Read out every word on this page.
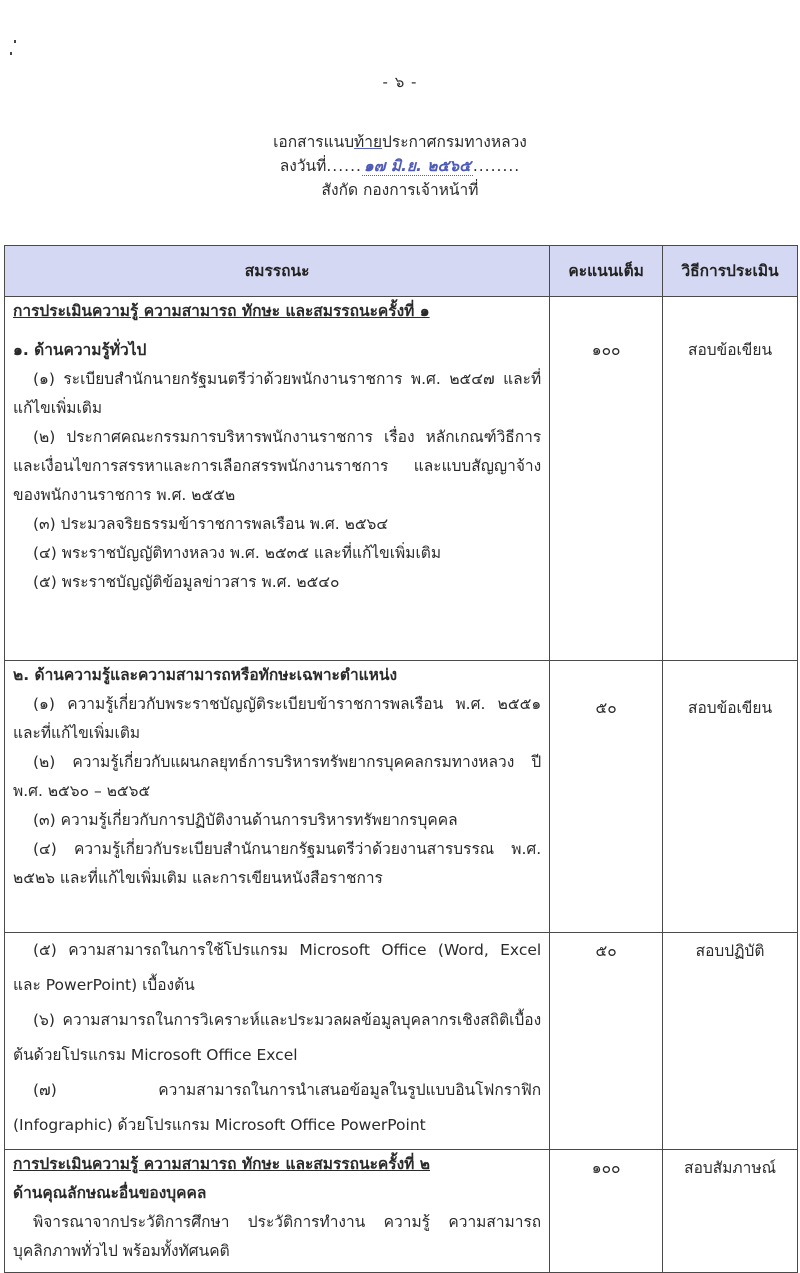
- ๖ -
เอกสารแนบท้ายประกาศกรมทางหลวง
ลงวันที่...... ๑๗ มิ.ย. ๒๕๖๕ ........
สังกัด กองการเจ้าหน้าที่
สมรรถนะ	คะแนนเต็ม	วิธีการประเมิน

การประเมินความรู้ ความสามารถ ทักษะ และสมรรถนะครั้งที่ ๑
๑. ด้านความรู้ทั่วไป
(๑) ระเบียบสำนักนายกรัฐมนตรีว่าด้วยพนักงานราชการ พ.ศ. ๒๕๔๗ และที่แก้ไขเพิ่มเติม
(๒) ประกาศคณะกรรมการบริหารพนักงานราชการ เรื่อง หลักเกณฑ์วิธีการและเงื่อนไขการสรรหาและการเลือกสรรพนักงานราชการ และแบบสัญญาจ้างของพนักงานราชการ พ.ศ. ๒๕๕๒
(๓) ประมวลจริยธรรมข้าราชการพลเรือน พ.ศ. ๒๕๖๔
(๔) พระราชบัญญัติทางหลวง พ.ศ. ๒๕๓๕ และที่แก้ไขเพิ่มเติม
(๕) พระราชบัญญัติข้อมูลข่าวสาร พ.ศ. ๒๕๔๐
	๑๐๐	สอบข้อเขียน

๒. ด้านความรู้และความสามารถหรือทักษะเฉพาะตำแหน่ง
(๑) ความรู้เกี่ยวกับพระราชบัญญัติระเบียบข้าราชการพลเรือน พ.ศ. ๒๕๕๑ และที่แก้ไขเพิ่มเติม
(๒) ความรู้เกี่ยวกับแผนกลยุทธ์การบริหารทรัพยากรบุคคลกรมทางหลวง ปี พ.ศ. ๒๕๖๐ – ๒๕๖๕
(๓) ความรู้เกี่ยวกับการปฏิบัติงานด้านการบริหารทรัพยากรบุคคล
(๔) ความรู้เกี่ยวกับระเบียบสำนักนายกรัฐมนตรีว่าด้วยงานสารบรรณ พ.ศ. ๒๕๒๖ และที่แก้ไขเพิ่มเติม และการเขียนหนังสือราชการ	๕๐	สอบข้อเขียน

(๕) ความสามารถในการใช้โปรแกรม Microsoft Office (Word, Excel และ PowerPoint) เบื้องต้น
(๖) ความสามารถในการวิเคราะห์และประมวลผลข้อมูลบุคลากรเชิงสถิติเบื้องต้นด้วยโปรแกรม Microsoft Office Excel
(๗) ความสามารถในการนำเสนอข้อมูลในรูปแบบอินโฟกราฟิก (Infographic) ด้วยโปรแกรม Microsoft Office PowerPoint	๕๐	สอบปฏิบัติ

การประเมินความรู้ ความสามารถ ทักษะ และสมรรถนะครั้งที่ ๒
ด้านคุณลักษณะอื่นของบุคคล
พิจารณาจากประวัติการศึกษา ประวัติการทำงาน ความรู้ ความสามารถ บุคลิกภาพทั่วไป พร้อมทั้งทัศนคติ	๑๐๐	สอบสัมภาษณ์
